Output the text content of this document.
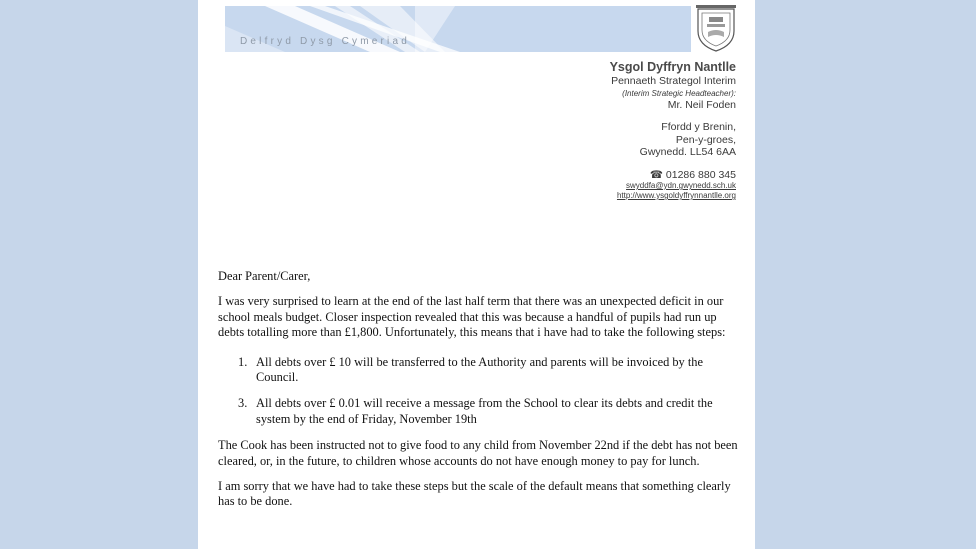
Delfryd Dysg Cymeriad
Ysgol Dyffryn Nantlle
Pennaeth Strategol Interim
(Interim Strategic Headteacher):
Mr. Neil Foden
Ffordd y Brenin,
Pen-y-groes,
Gwynedd. LL54 6AA
☎ 01286 880 345
swyddfa@ydn.gwynedd.sch.uk
http://www.ysgoldyffrynnantlle.org

Dear Parent/Carer,

I was very surprised to learn at the end of the last half term that there was an unexpected deficit in our school meals budget. Closer inspection revealed that this was because a handful of pupils had run up debts totalling more than £1,800. Unfortunately, this means that i have had to take the following steps:

1. All debts over £ 10 will be transferred to the Authority and parents will be invoiced by the Council.
3. All debts over £ 0.01 will receive a message from the School to clear its debts and credit the system by the end of Friday, November 19th

The Cook has been instructed not to give food to any child from November 22nd if the debt has not been cleared, or, in the future, to children whose accounts do not have enough money to pay for lunch.

I am sorry that we have had to take these steps but the scale of the default means that something clearly has to be done.
